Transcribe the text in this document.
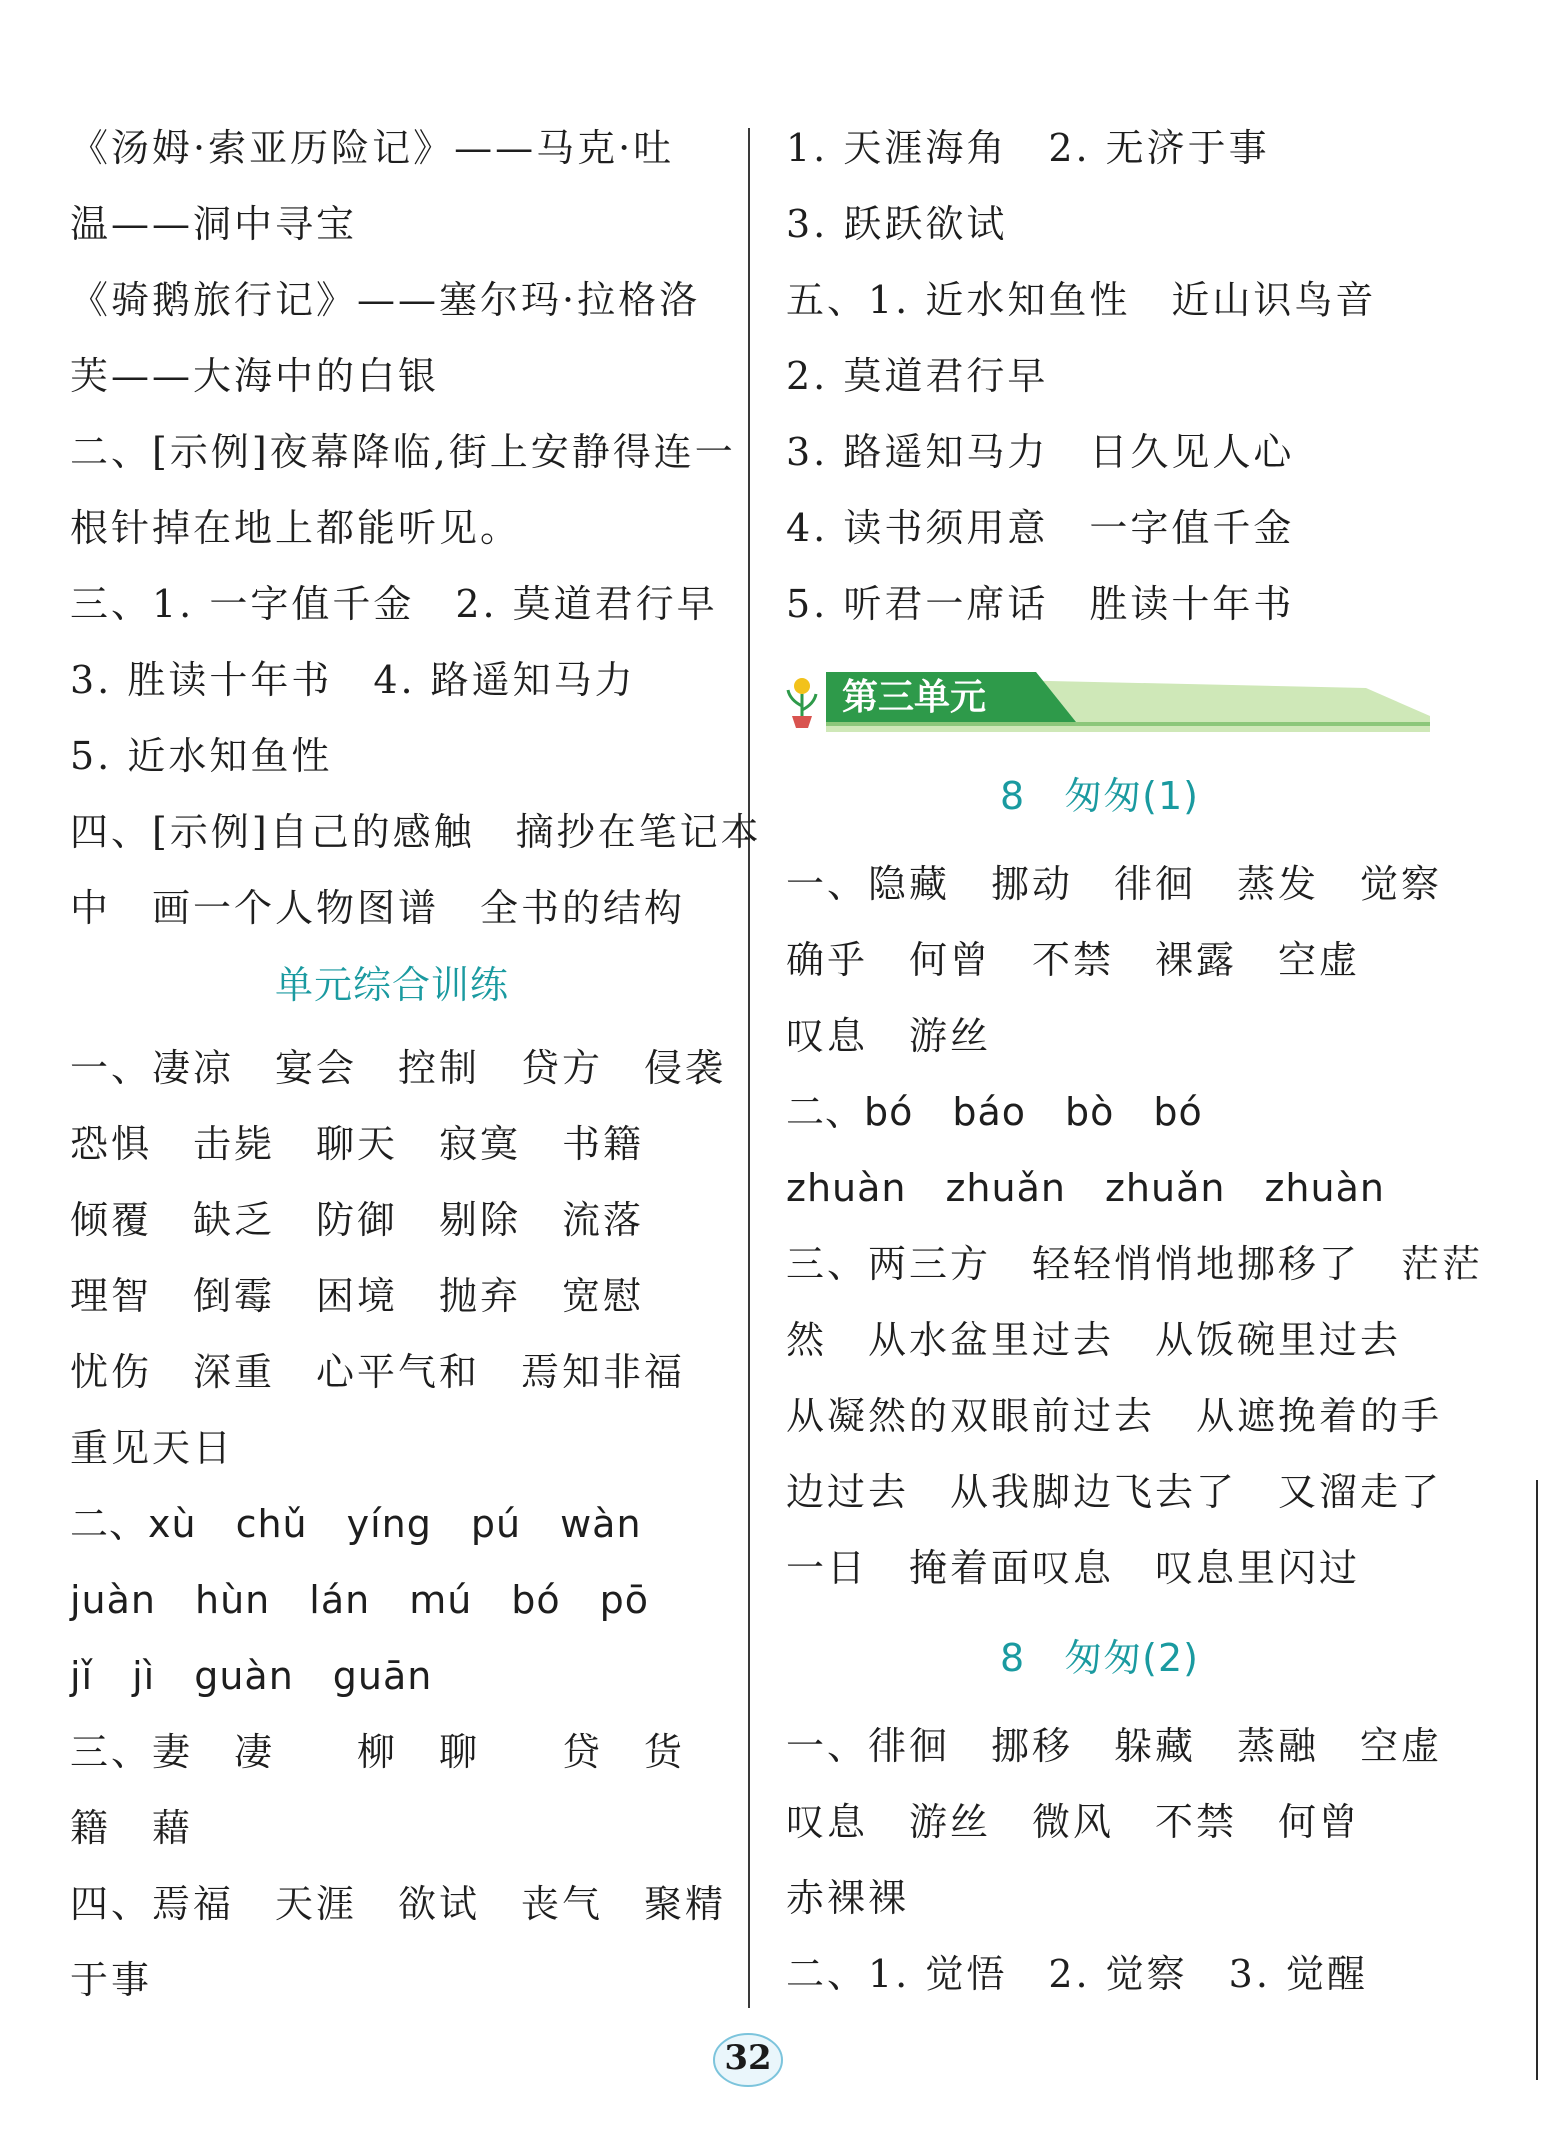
《汤姆·索亚历险记》——马克·吐
温——洞中寻宝
《骑鹅旅行记》——塞尔玛·拉格洛
芙——大海中的白银
二、[示例]夜幕降临,街上安静得连一
根针掉在地上都能听见。
三、1. 一字值千金　2. 莫道君行早
3. 胜读十年书　4. 路遥知马力
5. 近水知鱼性
四、[示例]自己的感触　摘抄在笔记本
中　画一个人物图谱　全书的结构
单元综合训练
一、凄凉　宴会　控制　贷方　侵袭
恐惧　击毙　聊天　寂寞　书籍
倾覆　缺乏　防御　剔除　流落
理智　倒霉　困境　抛弃　宽慰
忧伤　深重　心平气和　焉知非福
重见天日
二、xù　chǔ　yíng　pú　wàn
juàn　hùn　lán　mú　bó　pō
jǐ　jì　guàn　guān
三、妻　凄　　柳　聊　　贷　货
籍　藉
四、焉福　天涯　欲试　丧气　聚精
于事
1. 天涯海角　2. 无济于事
3. 跃跃欲试
五、1. 近水知鱼性　近山识鸟音
2. 莫道君行早
3. 路遥知马力　日久见人心
4. 读书须用意　一字值千金
5. 听君一席话　胜读十年书
第三单元
8　匆匆(1)
一、隐藏　挪动　徘徊　蒸发　觉察
确乎　何曾　不禁　裸露　空虚
叹息　游丝
二、bó　báo　bò　bó
zhuàn　zhuǎn　zhuǎn　zhuàn
三、两三方　轻轻悄悄地挪移了　茫茫
然　从水盆里过去　从饭碗里过去
从凝然的双眼前过去　从遮挽着的手
边过去　从我脚边飞去了　又溜走了
一日　掩着面叹息　叹息里闪过
8　匆匆(2)
一、徘徊　挪移　躲藏　蒸融　空虚
叹息　游丝　微风　不禁　何曾
赤裸裸
二、1. 觉悟　2. 觉察　3. 觉醒
32
